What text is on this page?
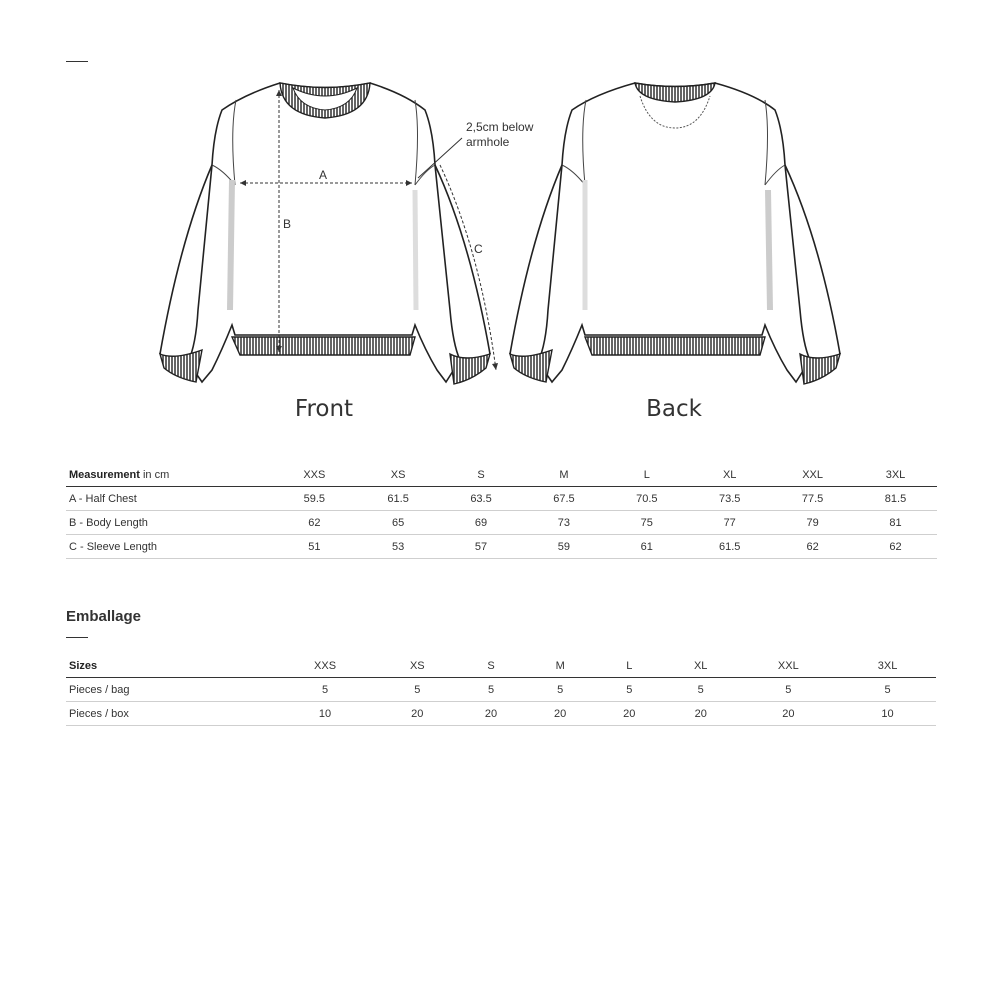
2,5cm below
armhole
A
B
C
Front	Back
Measurement in cm	XXS	XS	S	M	L	XL	XXL	3XL
A - Half Chest	59.5	61.5	63.5	67.5	70.5	73.5	77.5	81.5
B - Body Length	62	65	69	73	75	77	79	81
C - Sleeve Length	51	53	57	59	61	61.5	62	62
Emballage
Sizes	XXS	XS	S	M	L	XL	XXL	3XL
Pieces / bag	5	5	5	5	5	5	5	5
Pieces / box	10	20	20	20	20	20	20	10
